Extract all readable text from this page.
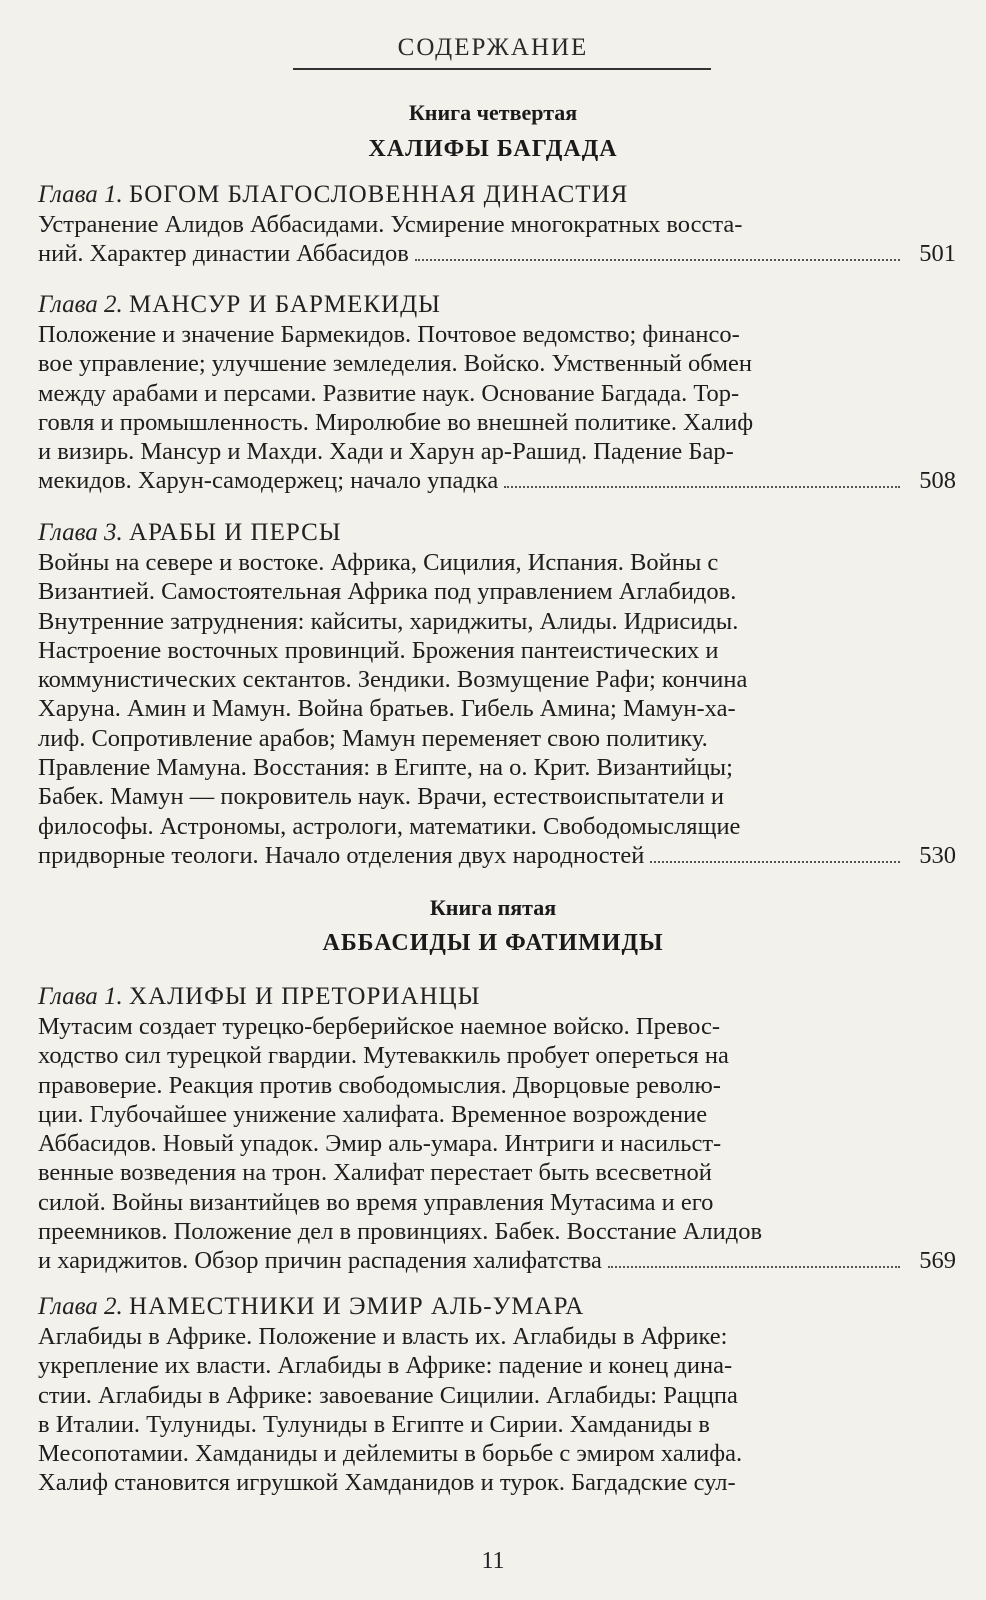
СОДЕРЖАНИЕ
Книга четвертая
ХАЛИФЫ БАГДАДА
Глава 1. БОГОМ БЛАГОСЛОВЕННАЯ ДИНАСТИЯ
Устранение Алидов Аббасидами. Усмирение многократных восста-
ний. Характер династии Аббасидов	501
Глава 2. МАНСУР И БАРМЕКИДЫ
Положение и значение Бармекидов. Почтовое ведомство; финансо-
вое управление; улучшение земледелия. Войско. Умственный обмен
между арабами и персами. Развитие наук. Основание Багдада. Тор-
говля и промышленность. Миролюбие во внешней политике. Халиф
и визирь. Мансур и Махди. Хади и Харун ар-Рашид. Падение Бар-
мекидов. Харун-самодержец; начало упадка	508
Глава 3. АРАБЫ И ПЕРСЫ
Войны на севере и востоке. Африка, Сицилия, Испания. Войны с
Византией. Самостоятельная Африка под управлением Аглабидов.
Внутренние затруднения: кайситы, хариджиты, Алиды. Идрисиды.
Настроение восточных провинций. Брожения пантеистических и
коммунистических сектантов. Зендики. Возмущение Рафи; кончина
Харуна. Амин и Мамун. Война братьев. Гибель Амина; Мамун-ха-
лиф. Сопротивление арабов; Мамун переменяет свою политику.
Правление Мамуна. Восстания: в Египте, на о. Крит. Византийцы;
Бабек. Мамун — покровитель наук. Врачи, естествоиспытатели и
философы. Астрономы, астрологи, математики. Свободомыслящие
придворные теологи. Начало отделения двух народностей	530
Книга пятая
АББАСИДЫ И ФАТИМИДЫ
Глава 1. ХАЛИФЫ И ПРЕТОРИАНЦЫ
Мутасим создает турецко-берберийское наемное войско. Превос-
ходство сил турецкой гвардии. Мутеваккиль пробует опереться на
правоверие. Реакция против свободомыслия. Дворцовые револю-
ции. Глубочайшее унижение халифата. Временное возрождение
Аббасидов. Новый упадок. Эмир аль-умара. Интриги и насильст-
венные возведения на трон. Халифат перестает быть всесветной
силой. Войны византийцев во время управления Мутасима и его
преемников. Положение дел в провинциях. Бабек. Восстание Алидов
и хариджитов. Обзор причин распадения халифатства	569
Глава 2. НАМЕСТНИКИ И ЭМИР АЛЬ-УМАРА
Аглабиды в Африке. Положение и власть их. Аглабиды в Африке:
укрепление их власти. Аглабиды в Африке: падение и конец дина-
стии. Аглабиды в Африке: завоевание Сицилии. Аглабиды: Раццпа
в Италии. Тулуниды. Тулуниды в Египте и Сирии. Хамданиды в
Месопотамии. Хамданиды и дейлемиты в борьбе с эмиром халифа.
Халиф становится игрушкой Хамданидов и турок. Багдадские сул-
11
